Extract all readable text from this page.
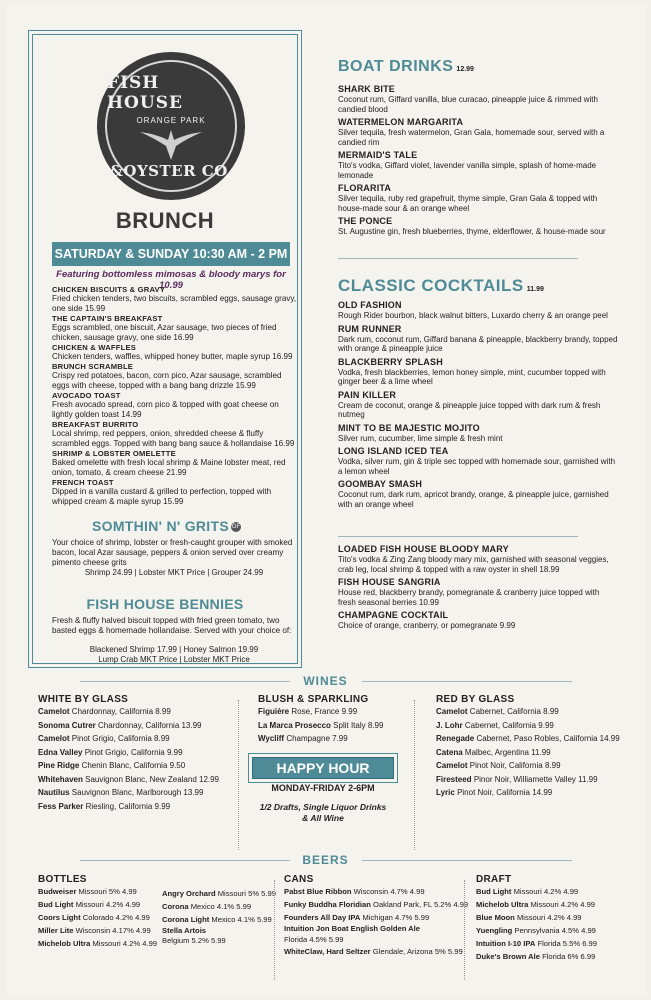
FISH HOUSE
ORANGE PARK
&OYSTER CO.
BRUNCH
SATURDAY & SUNDAY 10:30 AM - 2 PM
Featuring bottomless mimosas & bloody marys for 10.99
CHICKEN BISCUITS & GRAVY
Fried chicken tenders, two biscuits, scrambled eggs, sausage gravy, one side 15.99
THE CAPTAIN'S BREAKFAST
Eggs scrambled, one biscuit, Azar sausage, two pieces of fried chicken, sausage gravy, one side 16.99
CHICKEN & WAFFLES
Chicken tenders, waffles, whipped honey butter, maple syrup 16.99
BRUNCH SCRAMBLE
Crispy red potatoes, bacon, corn pico, Azar sausage, scrambled eggs with cheese, topped with a bang bang drizzle 15.99
AVOCADO TOAST
Fresh avocado spread, corn pico & topped with goat cheese on lightly golden toast 14.99
BREAKFAST BURRITO
Local shrimp, red peppers, onion, shredded cheese & fluffy scrambled eggs. Topped with bang bang sauce & hollandaise 16.99
SHRIMP & LOBSTER OMELETTE
Baked omelette with fresh local shrimp & Maine lobster meat, red onion, tomato, & cream cheese 21.99
FRENCH TOAST
Dipped in a vanilla custard & grilled to perfection, topped with whipped cream & maple syrup 15.99
SOMTHIN' N' GRITS GF
Your choice of shrimp, lobster or fresh-caught grouper with smoked bacon, local Azar sausage, peppers & onion served over creamy pimento cheese grits
Shrimp 24.99 | Lobster MKT Price | Grouper 24.99
FISH HOUSE BENNIES
Fresh & fluffy halved biscuit topped with fried green tomato, two basted eggs & homemade hollandaise. Served with your choice of:
Blackened Shrimp 17.99 | Honey Salmon 19.99
Lump Crab MKT Price | Lobster MKT Price
BOAT DRINKS 12.99
SHARK BITE
Coconut rum, Giffard vanilla, blue curacao, pineapple juice & rimmed with candied blood
WATERMELON MARGARITA
Silver tequila, fresh watermelon, Gran Gala, homemade sour, served with a candied rim
MERMAID'S TALE
Tito's vodka, Giffard violet, lavender vanilla simple, splash of home-made lemonade
FLORARITA
Silver tequila, ruby red grapefruit, thyme simple, Gran Gala & topped with house-made sour & an orange wheel
THE PONCE
St. Augustine gin, fresh blueberries, thyme, elderflower, & house-made sour
CLASSIC COCKTAILS 11.99
OLD FASHION
Rough Rider bourbon, black walnut bitters, Luxardo cherry & an orange peel
RUM RUNNER
Dark rum, coconut rum, Giffard banana & pineapple, blackberry brandy, topped with orange & pineapple juice
BLACKBERRY SPLASH
Vodka, fresh blackberries, lemon honey simple, mint, cucumber topped with ginger beer & a lime wheel
PAIN KILLER
Cream de coconut, orange & pineapple juice topped with dark rum & fresh nutmeg
MINT TO BE MAJESTIC MOJITO
Silver rum, cucumber, lime simple & fresh mint
LONG ISLAND ICED TEA
Vodka, silver rum, gin & triple sec topped with homemade sour, garnished with a lemon wheel
GOOMBAY SMASH
Coconut rum, dark rum, apricot brandy, orange, & pineapple juice, garnished with an orange wheel
LOADED FISH HOUSE BLOODY MARY
Tito's vodka & Zing Zang bloody mary mix, garnished with seasonal veggies, crab leg, local shrimp & topped with a raw oyster in shell 18.99
FISH HOUSE SANGRIA
House red, blackberry brandy, pomegranate & cranberry juice topped with fresh seasonal berries 10.99
CHAMPAGNE COCKTAIL
Choice of orange, cranberry, or pomegranate 9.99
WINES
WHITE BY GLASS
Camelot Chardonnay, California 8.99
Sonoma Cutrer Chardonnay, California 13.99
Camelot Pinot Grigio, California 8.99
Edna Valley Pinot Grigio, California 9.99
Pine Ridge Chenin Blanc, California 9.50
Whitehaven Sauvignon Blanc, New Zealand 12.99
Nautilus Sauvignon Blanc, Marlborough 13.99
Fess Parker Riesling, California 9.99
BLUSH & SPARKLING
Figuière Rose, France 9.99
La Marca Prosecco Split Italy 8.99
Wycliff Champagne 7.99
HAPPY HOUR
MONDAY-FRIDAY 2-6PM
1/2 Drafts, Single Liquor Drinks
& All Wine
RED BY GLASS
Camelot Cabernet, California 8.99
J. Lohr Cabernet, California 9.99
Renegade Cabernet, Paso Robles, California 14.99
Catena Malbec, Argentina 11.99
Camelot Pinot Noir, California 8.99
Firesteed Pinor Noir, Williamette Valley 11.99
Lyric Pinot Noir, California 14.99
BEERS
BOTTLES
Budweiser Missouri 5% 4.99
Bud Light Missouri 4.2% 4.99
Coors Light Colorado 4.2% 4.99
Miller Lite Wisconsin 4.17% 4.99
Michelob Ultra Missouri 4.2% 4.99
Angry Orchard Missouri 5% 5.99
Corona Mexico 4.1% 5.99
Corona Light Mexico 4.1% 5.99
Stella Artois
Belgium 5.2% 5.99
CANS
Pabst Blue Ribbon Wisconsin 4.7% 4.99
Funky Buddha Floridian Oakland Park, FL 5.2% 4.99
Founders All Day IPA Michigan 4.7% 5.99
Intuition Jon Boat English Golden Ale
Florida 4.5% 5.99
WhiteClaw, Hard Seltzer Glendale, Arizona 5% 5.99
DRAFT
Bud Light Missouri 4.2% 4.99
Michelob Ultra Missouri 4.2% 4.99
Blue Moon Missouri 4.2% 4.99
Yuengling Pennsylvania 4.5% 4.99
Intuition I-10 IPA Florida 5.5% 6.99
Duke's Brown Ale Florida 6% 6.99
